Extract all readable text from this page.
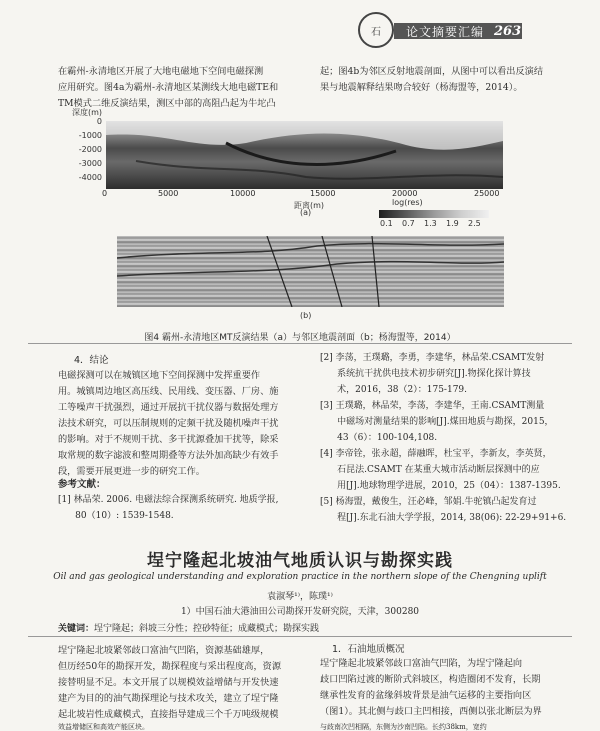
石 论文摘要汇编 263

在霸州-永清地区开展了大地电磁地下空间电磁探测

应用研究。图4a为霸州-永清地区某测线大地电磁TE和

TM模式二维反演结果，测区中部的高阻凸起为牛坨凸

起；图4b为邻区反射地震剖面，从图中可以看出反演结

果与地震解释结果吻合较好（杨海盟等，2014）。

深度(m)
0
-1000
-2000
-3000
-4000
0	5000	10000	15000	20000	25000
距离(m)	log(res)
(a)
0.1 0.7 1.3 1.9 2.5
(b)
图4 霸州-永清地区MT反演结果（a）与邻区地震剖面（b；杨海盟等，2014）
4．结论

电磁探测可以在城镇区地下空间探测中发挥重要作

用。城镇周边地区高压线、民用线、变压器、厂房、施

工等噪声干扰强烈，通过开展抗干扰仪器与数据处理方

法技术研究，可以压制规则的定频干扰及随机噪声干扰

的影响。对于不规则干扰、多干扰源叠加干扰等，除采

取常规的数字滤波和整周期叠等方法外加高缺少有效手

段，需要开展更进一步的研究工作。

参考文献：

[1] 林品荣. 2006. 电磁法综合探测系统研究. 地质学报,

80（10）: 1539-1548.

[2] 李荡，王璞璐，李勇，李建华，林品荣.CSAMT发射

系统抗干扰供电技术初步研究[J].物探化探计算技

术，2016，38（2）：175-179.

[3] 王璞璐，林品荣，李荡，李建华，王南.CSAMT测量

中磁场对测量结果的影响[J].煤田地质与勘探，2015，

43（6）：100-104,108.

[4] 李帝铨，张永超，薛融晖，杜宝平，李新友，李英贤，

石昆法.CSAMT 在某重大城市活动断层探测中的应

用[J].地球物理学进展，2010，25（04）：1387-1395.

[5] 杨海盟，戴俊生，汪必峰，邹娟.牛驼镇凸起发育过

程[J].东北石油大学学报，2014, 38(06): 22-29+91+6.

埕宁隆起北坡油气地质认识与勘探实践
Oil and gas geological understanding and exploration practice in the northern slope of the Chengning uplift
袁淑琴¹⁾，陈璞¹⁾
1）中国石油大港油田公司勘探开发研究院，天津，300280
关键词：埕宁隆起；斜坡三分性；控砂特征；成藏模式；勘探实践

埕宁隆起北坡紧邻歧口富油气凹陷，资源基础雄厚，

但历经50年的勘探开发，勘探程度与采出程度高，资源

接替明显不足。本文开展了以规模效益增储与开发快速

建产为目的的油气勘探理论与技术攻关，建立了埕宁隆

起北坡岩性成藏模式，直接指导建成三个千万吨级规模

1．石油地质概况

埕宁隆起北坡紧邻歧口富油气凹陷，为埕宁隆起向

歧口凹陷过渡的断阶式斜坡区，构造圈闭不发育，长期

继承性发育的盆缘斜坡背景是油气运移的主要指向区

（图1）。其北侧与歧口主凹相接，西侧以张北断层为界

效益增储区和高效产能区块。	与歧南次凹相隔，东侧为沙南凹陷。长约38km，宽约
